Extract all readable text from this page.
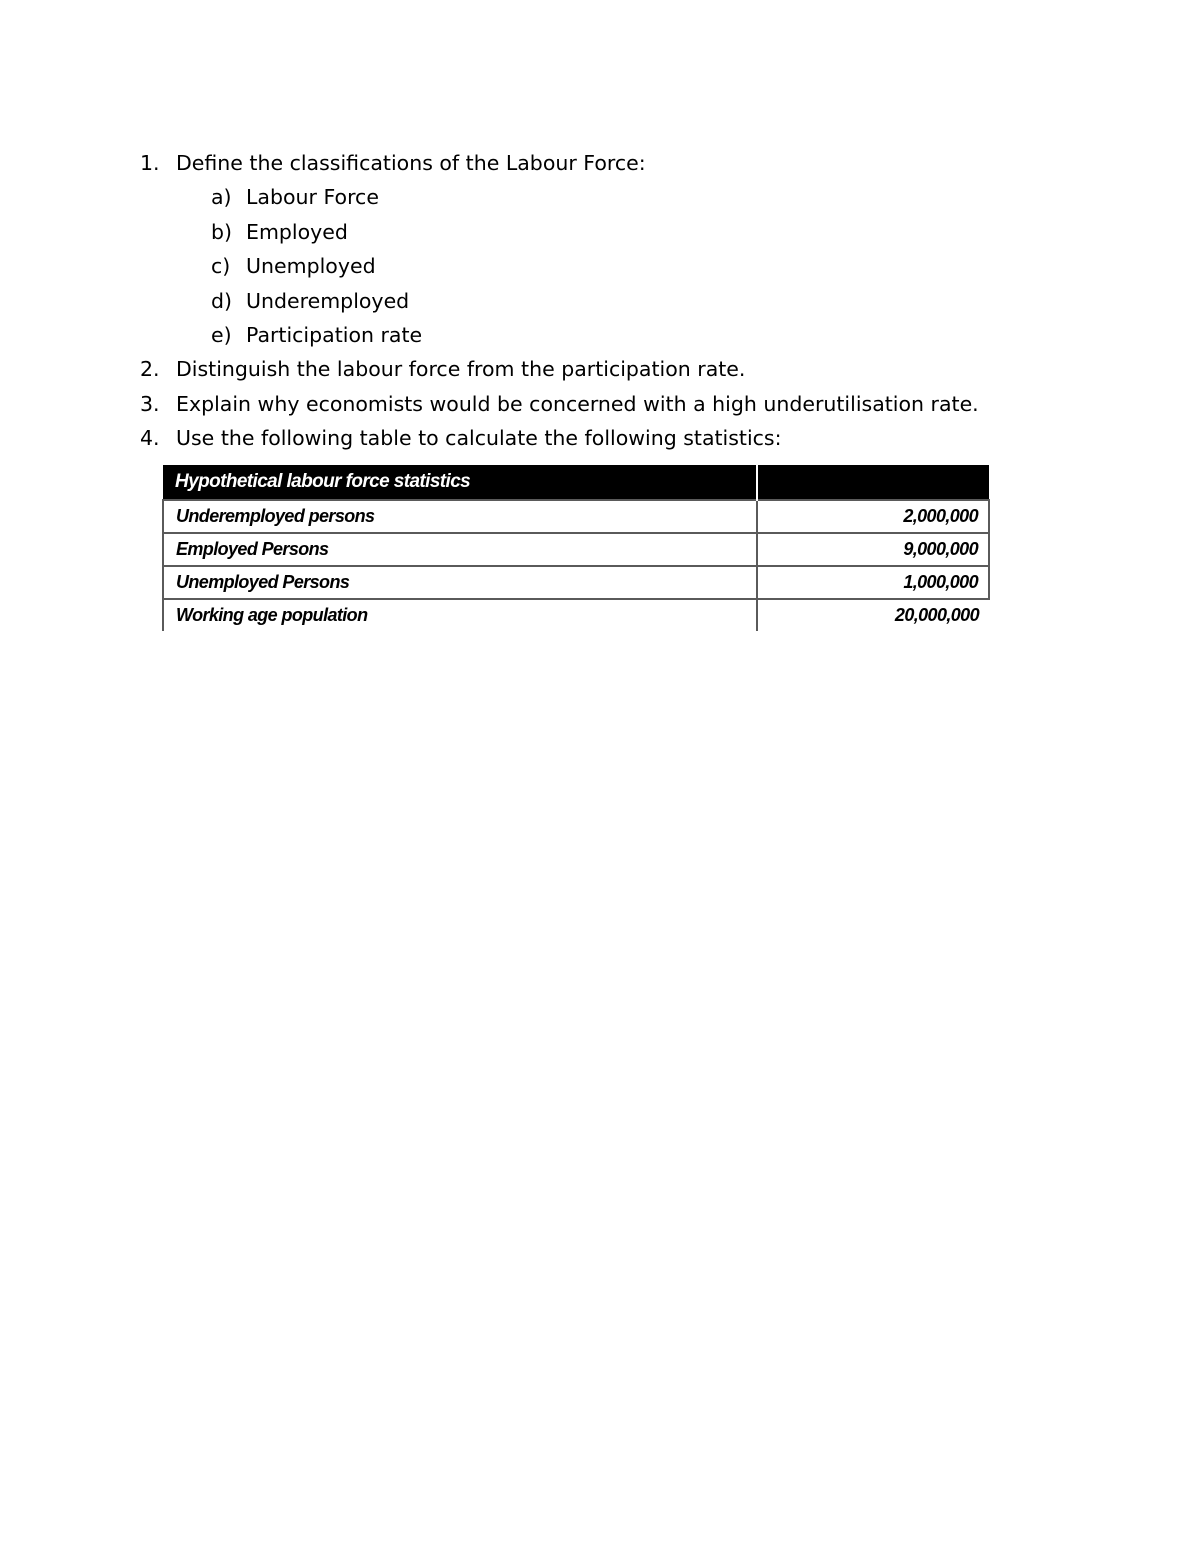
1. Define the classifications of the Labour Force:
a) Labour Force
b) Employed
c) Unemployed
d) Underemployed
e) Participation rate
2. Distinguish the labour force from the participation rate.
3. Explain why economists would be concerned with a high underutilisation rate.
4. Use the following table to calculate the following statistics:
Hypothetical labour force statistics	
Underemployed persons	2,000,000
Employed Persons	9,000,000
Unemployed Persons	1,000,000
Working age population	20,000,000
